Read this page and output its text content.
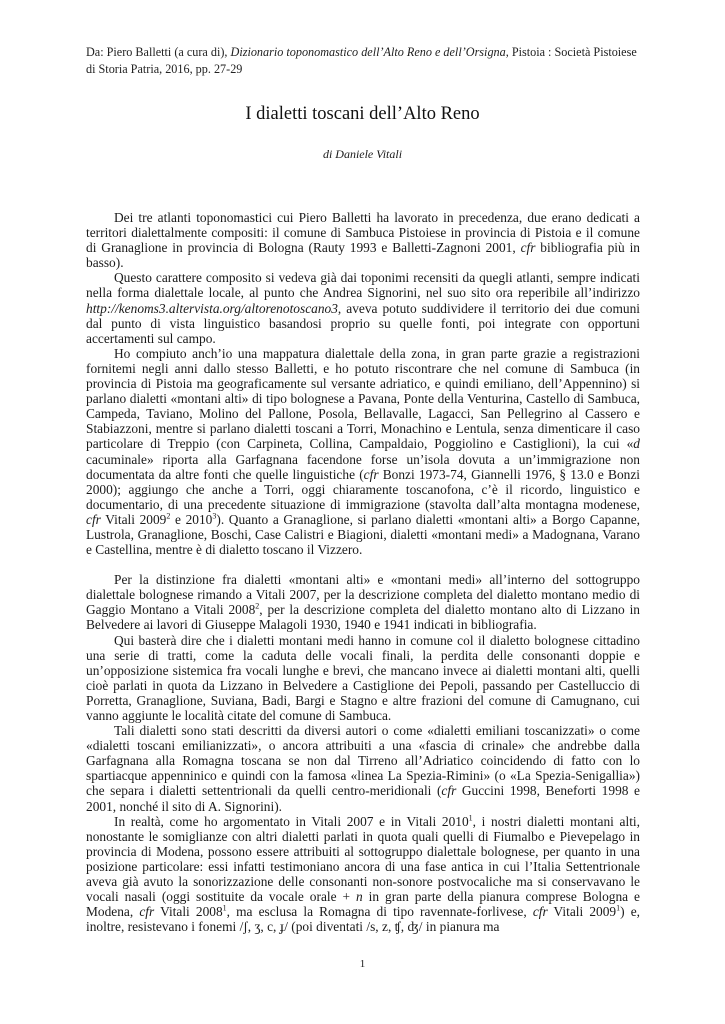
Da: Piero Balletti (a cura di), Dizionario toponomastico dell’Alto Reno e dell’Orsigna, Pistoia : Società Pistoiese di Storia Patria, 2016, pp. 27-29
I dialetti toscani dell’Alto Reno
di Daniele Vitali

Dei tre atlanti toponomastici cui Piero Balletti ha lavorato in precedenza, due erano dedicati a territori dialettalmente compositi: il comune di Sambuca Pistoiese in provincia di Pistoia e il comune di Granaglione in provincia di Bologna (Rauty 1993 e Balletti-Zagnoni 2001, cfr bibliografia più in basso).

Questo carattere composito si vedeva già dai toponimi recensiti da quegli atlanti, sempre indicati nella forma dialettale locale, al punto che Andrea Signorini, nel suo sito ora reperibile all’indirizzo http://kenoms3.altervista.org/altorenotoscano3, aveva potuto suddividere il territorio dei due comuni dal punto di vista linguistico basandosi proprio su quelle fonti, poi integrate con opportuni accertamenti sul campo.

Ho compiuto anch’io una mappatura dialettale della zona, in gran parte grazie a registrazioni fornitemi negli anni dallo stesso Balletti, e ho potuto riscontrare che nel comune di Sambuca (in provincia di Pistoia ma geograficamente sul versante adriatico, e quindi emiliano, dell’Appennino) si parlano dialetti «montani alti» di tipo bolognese a Pavana, Ponte della Venturina, Castello di Sambuca, Campeda, Taviano, Molino del Pallone, Posola, Bellavalle, Lagacci, San Pellegrino al Cassero e Stabiazzoni, mentre si parlano dialetti toscani a Torri, Monachino e Lentula, senza dimenticare il caso particolare di Treppio (con Carpineta, Collina, Campaldaio, Poggiolino e Castiglioni), la cui «d cacuminale» riporta alla Garfagnana facendone forse un’isola dovuta a un’immigrazione non documentata da altre fonti che quelle linguistiche (cfr Bonzi 1973-74, Giannelli 1976, § 13.0 e Bonzi 2000); aggiungo che anche a Torri, oggi chiaramente toscanofona, c’è il ricordo, linguistico e documentario, di una precedente situazione di immigrazione (stavolta dall’alta montagna modenese, cfr Vitali 2009$^2$ e 2010$^3$). Quanto a Granaglione, si parlano dialetti «montani alti» a Borgo Capanne, Lustrola, Granaglione, Boschi, Case Calistri e Biagioni, dialetti «montani medi» a Madognana, Varano e Castellina, mentre è di dialetto toscano il Vizzero.

Per la distinzione fra dialetti «montani alti» e «montani medi» all’interno del sottogruppo dialettale bolognese rimando a Vitali 2007, per la descrizione completa del dialetto montano medio di Gaggio Montano a Vitali 2008$^2$, per la descrizione completa del dialetto montano alto di Lizzano in Belvedere ai lavori di Giuseppe Malagoli 1930, 1940 e 1941 indicati in bibliografia.

Qui basterà dire che i dialetti montani medi hanno in comune col il dialetto bolognese cittadino una serie di tratti, come la caduta delle vocali finali, la perdita delle consonanti doppie e un’opposizione sistemica fra vocali lunghe e brevi, che mancano invece ai dialetti montani alti, quelli cioè parlati in quota da Lizzano in Belvedere a Castiglione dei Pepoli, passando per Castelluccio di Porretta, Granaglione, Suviana, Badi, Bargi e Stagno e altre frazioni del comune di Camugnano, cui vanno aggiunte le località citate del comune di Sambuca.

Tali dialetti sono stati descritti da diversi autori o come «dialetti emiliani toscanizzati» o come «dialetti toscani emilianizzati», o ancora attribuiti a una «fascia di crinale» che andrebbe dalla Garfagnana alla Romagna toscana se non dal Tirreno all’Adriatico coincidendo di fatto con lo spartiacque appenninico e quindi con la famosa «linea La Spezia-Rimini» (o «La Spezia-Senigallia») che separa i dialetti settentrionali da quelli centro-meridionali (cfr Guccini 1998, Beneforti 1998 e 2001, nonché il sito di A. Signorini).

In realtà, come ho argomentato in Vitali 2007 e in Vitali 2010$^1$, i nostri dialetti montani alti, nonostante le somiglianze con altri dialetti parlati in quota quali quelli di Fiumalbo e Pievepelago in provincia di Modena, possono essere attribuiti al sottogruppo dialettale bolognese, per quanto in una posizione particolare: essi infatti testimoniano ancora di una fase antica in cui l’Italia Settentrionale aveva già avuto la sonorizzazione delle consonanti non-sonore postvocaliche ma si conservavano le vocali nasali (oggi sostituite da vocale orale + n in gran parte della pianura comprese Bologna e Modena, cfr Vitali 2008$^1$, ma esclusa la Romagna di tipo ravennate-forlivese, cfr Vitali 2009$^1$) e, inoltre, resistevano i fonemi /ʃ, ʒ, c, ɟ/ (poi diventati /s, z, ʧ, ʤ/ in pianura ma

1
